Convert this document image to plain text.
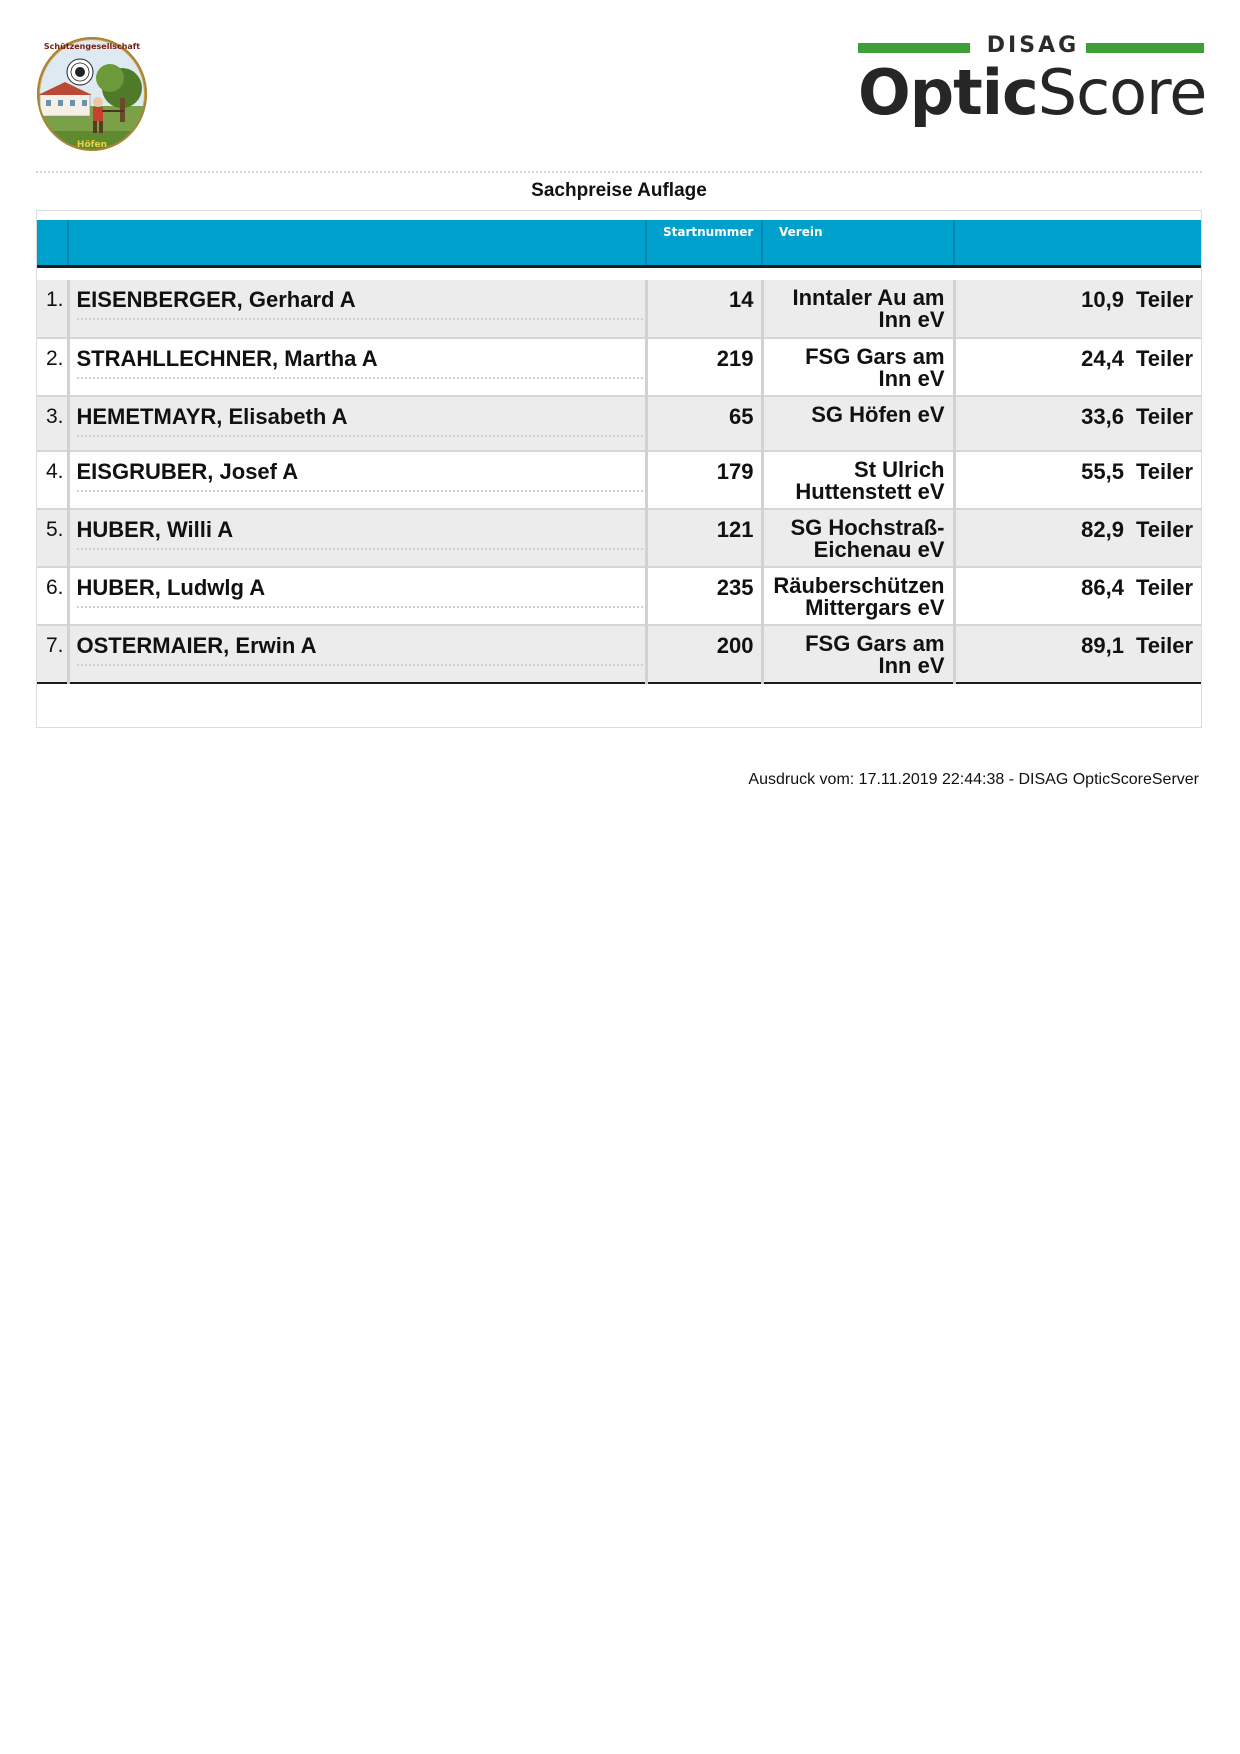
Schützengesellschaft
Höfen
DISAG
OpticScore
Sachpreise Auflage

		Startnummer	Verein	

1.	EISENBERGER, Gerhard A	14	Inntaler Au am
Inn eV	10,9 Teiler
2.	STRAHLLECHNER, Martha A	219	FSG Gars am
Inn eV	24,4 Teiler
3.	HEMETMAYR, Elisabeth A	65	SG Höfen eV	33,6 Teiler
4.	EISGRUBER, Josef A	179	St Ulrich
Huttenstett eV	55,5 Teiler
5.	HUBER, Willi A	121	SG Hochstraß-
Eichenau eV	82,9 Teiler
6.	HUBER, Ludwlg A	235	Räuberschützen
Mittergars eV	86,4 Teiler
7.	OSTERMAIER, Erwin A	200	FSG Gars am
Inn eV	89,1 Teiler
Ausdruck vom: 17.11.2019 22:44:38 - DISAG OpticScoreServer
